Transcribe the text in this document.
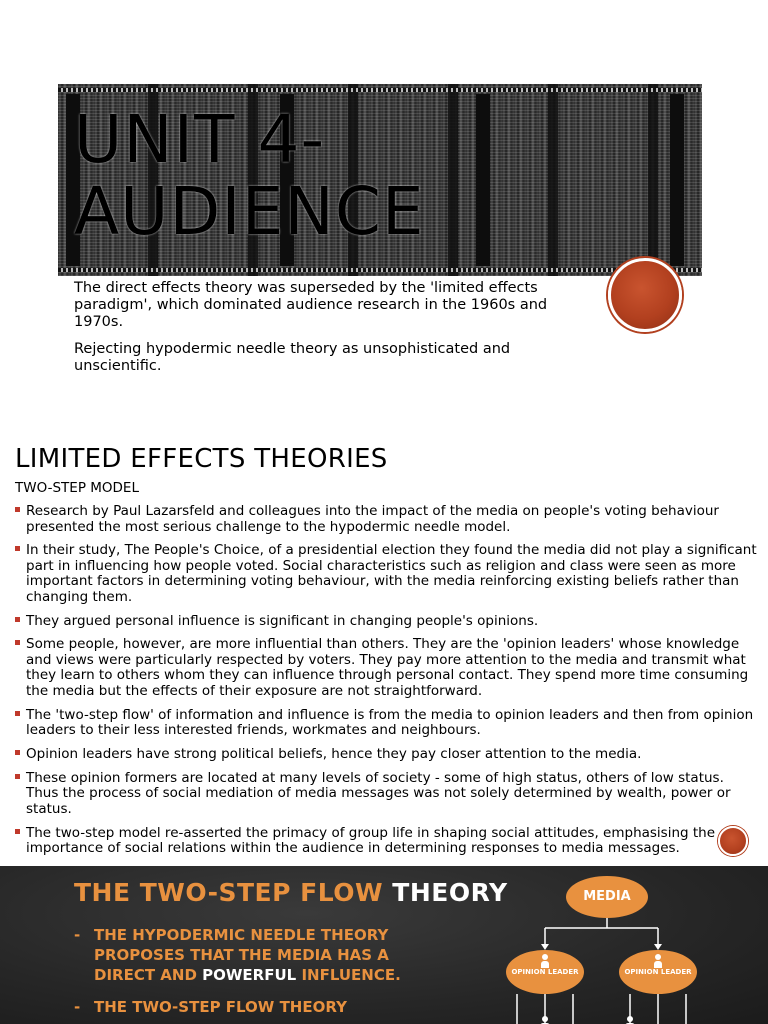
UNIT 4-
AUDIENCE

The direct effects theory was superseded by the 'limited effects paradigm', which dominated audience research in the 1960s and 1970s.

Rejecting hypodermic needle theory as unsophisticated and unscientific.

LIMITED EFFECTS THEORIES

TWO-STEP MODEL

Research by Paul Lazarsfeld and colleagues into the impact of the media on people's voting behaviour presented the most serious challenge to the hypodermic needle model.
In their study, The People's Choice, of a presidential election they found the media did not play a significant part in influencing how people voted. Social characteristics such as religion and class were seen as more important factors in determining voting behaviour, with the media reinforcing existing beliefs rather than changing them.
They argued personal influence is significant in changing people's opinions.
Some people, however, are more influential than others. They are the 'opinion leaders' whose knowledge and views were particularly respected by voters. They pay more attention to the media and transmit what they learn to others whom they can influence through personal contact. They spend more time consuming the media but the effects of their exposure are not straightforward.
The 'two-step flow' of information and influence is from the media to opinion leaders and then from opinion leaders to their less interested friends, workmates and neighbours.
Opinion leaders have strong political beliefs, hence they pay closer attention to the media.
These opinion formers are located at many levels of society - some of high status, others of low status. Thus the process of social mediation of media messages was not solely determined by wealth, power or status.
The two-step model re-asserted the primacy of group life in shaping social attitudes, emphasising the importance of social relations within the audience in determining responses to media messages.
THE TWO-STEP FLOW THEORY

- THE HYPODERMIC NEEDLE THEORY PROPOSES THAT THE MEDIA HAS A DIRECT AND POWERFUL INFLUENCE.

- THE TWO-STEP FLOW THEORY

MEDIA
OPINION LEADER	OPINION LEADER
